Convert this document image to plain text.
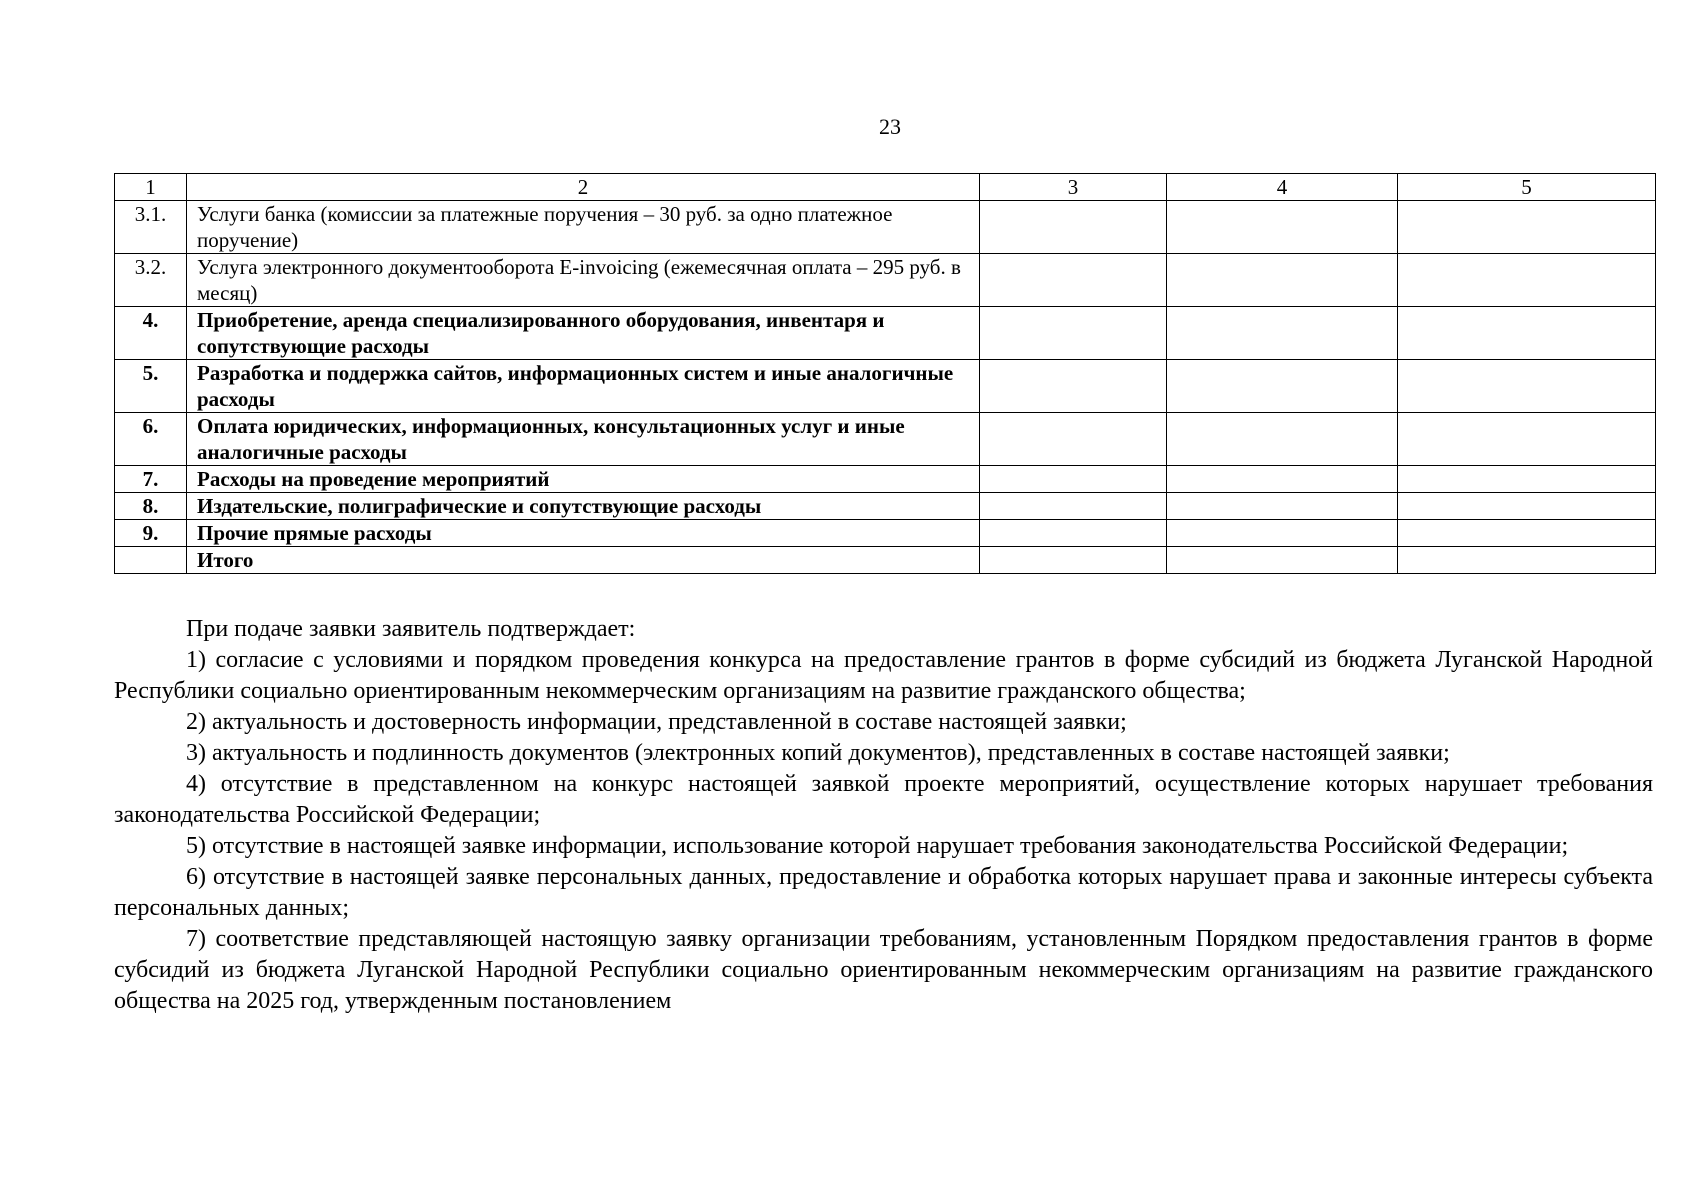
23
1	2	3	4	5
3.1.	Услуги банка (комиссии за платежные поручения – 30 руб. за одно платежное поручение)			
3.2.	Услуга электронного документооборота E-invoicing (ежемесячная оплата – 295 руб. в месяц)			
4.	Приобретение, аренда специализированного оборудования, инвентаря и сопутствующие расходы			
5.	Разработка и поддержка сайтов, информационных систем и иные аналогичные расходы			
6.	Оплата юридических, информационных, консультационных услуг и иные аналогичные расходы			
7.	Расходы на проведение мероприятий			
8.	Издательские, полиграфические и сопутствующие расходы			
9.	Прочие прямые расходы			
	Итого			

При подаче заявки заявитель подтверждает:

1) согласие с условиями и порядком проведения конкурса на предоставление грантов в форме субсидий из бюджета Луганской Народной Республики социально ориентированным некоммерческим организациям на развитие гражданского общества;

2) актуальность и достоверность информации, представленной в составе настоящей заявки;

3) актуальность и подлинность документов (электронных копий документов), представленных в составе настоящей заявки;

4) отсутствие в представленном на конкурс настоящей заявкой проекте мероприятий, осуществление которых нарушает требования законодательства Российской Федерации;

5) отсутствие в настоящей заявке информации, использование которой нарушает требования законодательства Российской Федерации;

6) отсутствие в настоящей заявке персональных данных, предоставление и обработка которых нарушает права и законные интересы субъекта персональных данных;

7) соответствие представляющей настоящую заявку организации требованиям, установленным Порядком предоставления грантов в форме субсидий из бюджета Луганской Народной Республики социально ориентированным некоммерческим организациям на развитие гражданского общества на 2025 год, утвержденным постановлением
